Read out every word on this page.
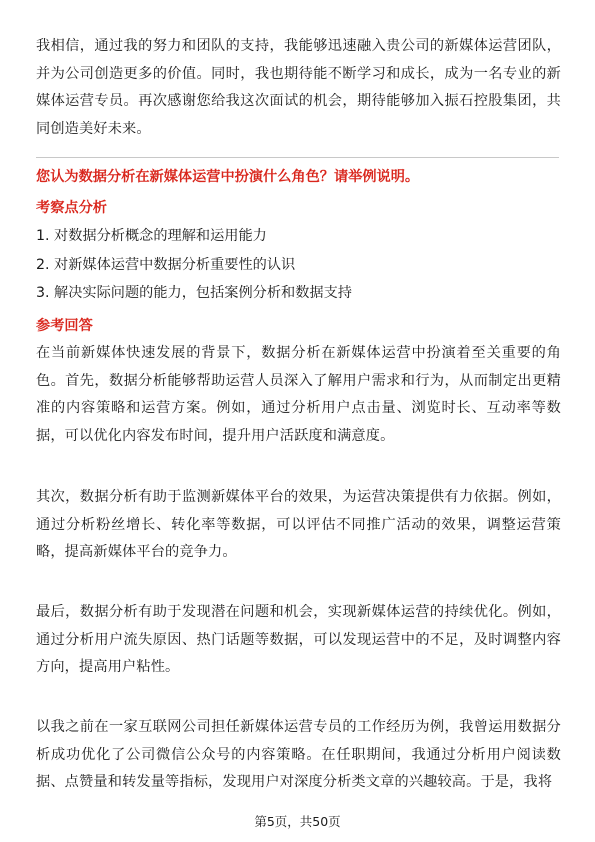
我相信，通过我的努力和团队的支持，我能够迅速融入贵公司的新媒体运营团队，并为公司创造更多的价值。同时，我也期待能不断学习和成长，成为一名专业的新媒体运营专员。再次感谢您给我这次面试的机会，期待能够加入振石控股集团，共同创造美好未来。

您认为数据分析在新媒体运营中扮演什么角色？请举例说明。

考察点分析

1. 对数据分析概念的理解和运用能力
2. 对新媒体运营中数据分析重要性的认识
3. 解决实际问题的能力，包括案例分析和数据支持

参考回答

在当前新媒体快速发展的背景下，数据分析在新媒体运营中扮演着至关重要的角色。首先，数据分析能够帮助运营人员深入了解用户需求和行为，从而制定出更精准的内容策略和运营方案。例如，通过分析用户点击量、浏览时长、互动率等数据，可以优化内容发布时间，提升用户活跃度和满意度。

其次，数据分析有助于监测新媒体平台的效果，为运营决策提供有力依据。例如，通过分析粉丝增长、转化率等数据，可以评估不同推广活动的效果，调整运营策略，提高新媒体平台的竞争力。

最后，数据分析有助于发现潜在问题和机会，实现新媒体运营的持续优化。例如，通过分析用户流失原因、热门话题等数据，可以发现运营中的不足，及时调整内容方向，提高用户粘性。

以我之前在一家互联网公司担任新媒体运营专员的工作经历为例，我曾运用数据分析成功优化了公司微信公众号的内容策略。在任职期间，我通过分析用户阅读数据、点赞量和转发量等指标，发现用户对深度分析类文章的兴趣较高。于是，我将

第5页，共50页
